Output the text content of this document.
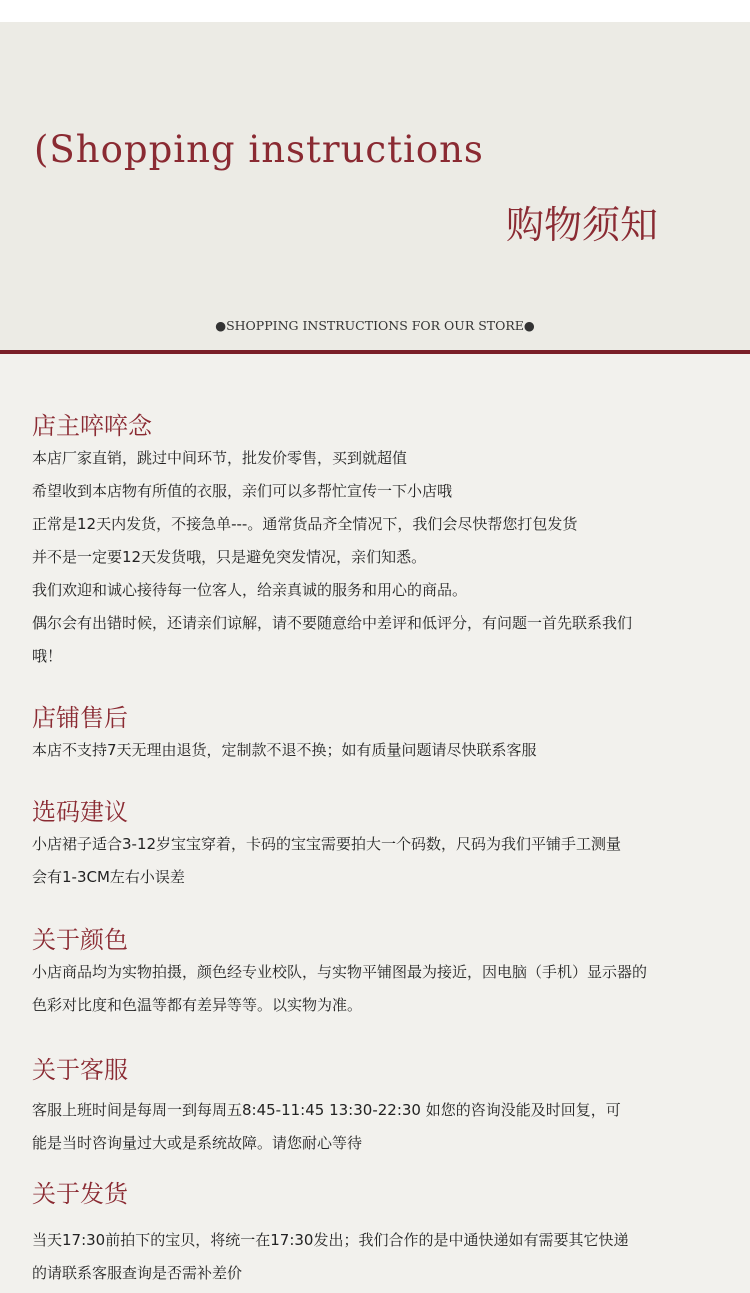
(Shopping instructions
购物须知
●SHOPPING INSTRUCTIONS FOR OUR STORE●
店主啐啐念
本店厂家直销，跳过中间环节，批发价零售，买到就超值
希望收到本店物有所值的衣服，亲们可以多帮忙宣传一下小店哦
正常是12天内发货，不接急单---。通常货品齐全情况下，我们会尽快帮您打包发货
并不是一定要12天发货哦，只是避免突发情况，亲们知悉。
我们欢迎和诚心接待每一位客人，给亲真诚的服务和用心的商品。
偶尔会有出错时候，还请亲们谅解，请不要随意给中差评和低评分，有问题一首先联系我们
哦！
店铺售后
本店不支持7天无理由退货，定制款不退不换；如有质量问题请尽快联系客服
选码建议
小店裙子适合3-12岁宝宝穿着，卡码的宝宝需要拍大一个码数，尺码为我们平铺手工测量
会有1-3CM左右小误差
关于颜色
小店商品均为实物拍摄，颜色经专业校队，与实物平铺图最为接近，因电脑（手机）显示器的
色彩对比度和色温等都有差异等等。以实物为准。
关于客服
客服上班时间是每周一到每周五8:45-11:45 13:30-22:30 如您的咨询没能及时回复，可
能是当时咨询量过大或是系统故障。请您耐心等待
关于发货
当天17:30前拍下的宝贝，将统一在17:30发出；我们合作的是中通快递如有需要其它快递
的请联系客服查询是否需补差价
